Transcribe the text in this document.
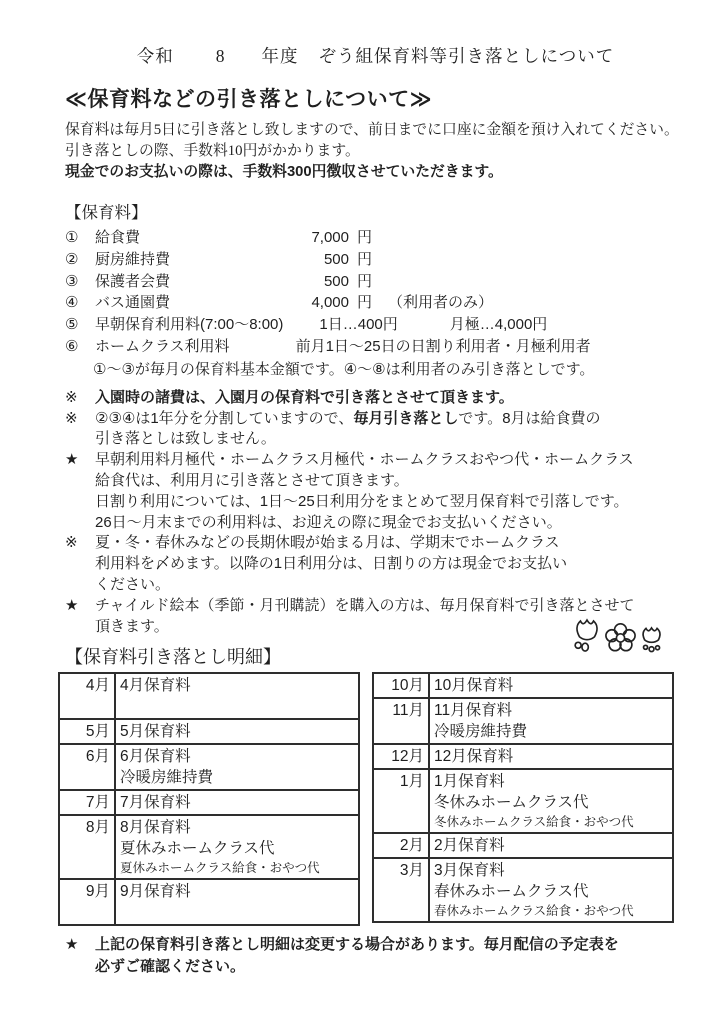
令和 8 年度 ぞう組保育料等引き落としについて
≪保育料などの引き落としについて≫
保育料は毎月5日に引き落とし致しますので、前日までに口座に金額を預け入れてください。
引き落としの際、手数料10円がかかります。
現金でのお支払いの際は、手数料300円徴収させていただきます。
【保育料】
①	給食費	7,000 円
②	厨房維持費	500 円
③	保護者会費	500 円
④	バス通園費	4,000 円 （利用者のみ）
⑤	早朝保育利用料(7:00～8:00) 1日…400円	月極…4,000円
⑥	ホームクラス利用料	前月1日～25日の日割り利用者・月極利用者
①～③が毎月の保育料基本金額です。④～⑧は利用者のみ引き落としです。
※	入園時の諸費は、入園月の保育料で引き落とさせて頂きます。
※	②③④は1年分を分割していますので、毎月引き落としです。8月は給食費の
引き落としは致しません。
★	早朝利用料月極代・ホームクラス月極代・ホームクラスおやつ代・ホームクラス
給食代は、利用月に引き落とさせて頂きます。
日割り利用については、1日～25日利用分をまとめて翌月保育料で引落しです。
26日～月末までの利用料は、お迎えの際に現金でお支払いください。
※	夏・冬・春休みなどの長期休暇が始まる月は、学期末でホームクラス
利用料を〆めます。以降の1日利用分は、日割りの方は現金でお支払い
ください。
★	チャイルド絵本（季節・月刊購読）を購入の方は、毎月保育料で引き落とさせて
頂きます。
【保育料引き落とし明細】
4月	4月保育料

5月	5月保育料

6月	6月保育料
冷暖房維持費

7月	7月保育料

8月	8月保育料
夏休みホームクラス代
夏休みホームクラス給食・おやつ代

9月	9月保育料

10月	10月保育料

11月	11月保育料
冷暖房維持費

12月	12月保育料

1月	1月保育料
冬休みホームクラス代
冬休みホームクラス給食・おやつ代

2月	2月保育料

3月	3月保育料
春休みホームクラス代
春休みホームクラス給食・おやつ代
★	上記の保育料引き落とし明細は変更する場合があります。毎月配信の予定表を
必ずご確認ください。
